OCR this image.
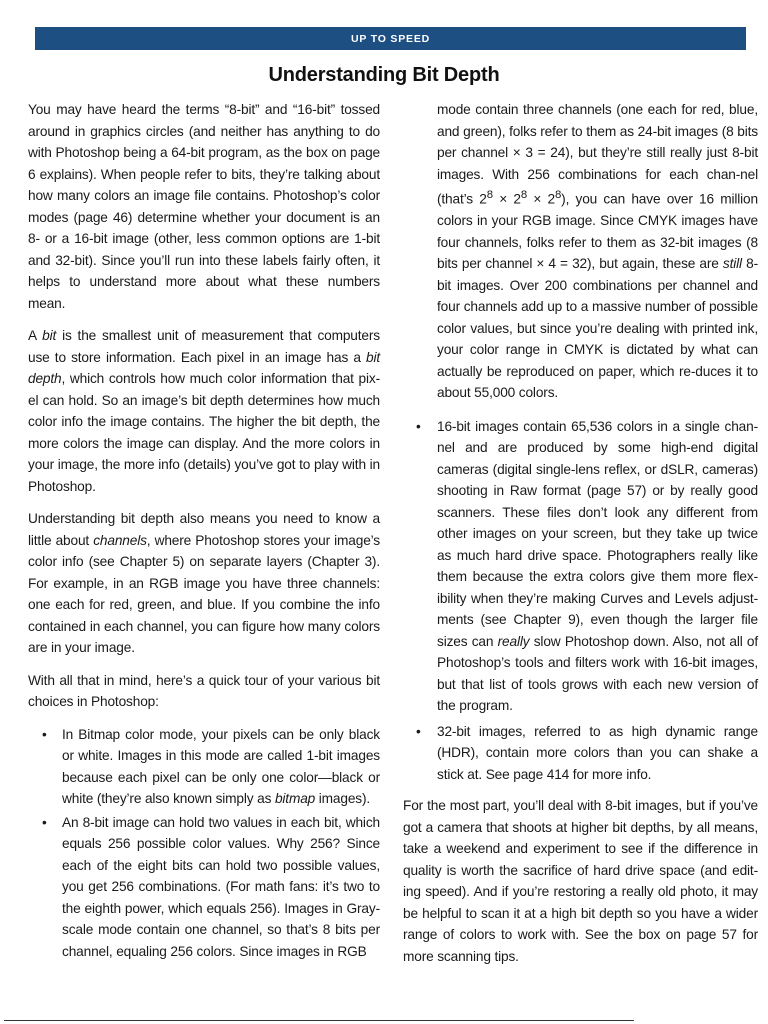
UP TO SPEED
Understanding Bit Depth

You may have heard the terms “8-bit” and “16-bit” tossed around in graphics circles (and neither has anything to do with Photoshop being a 64-bit program, as the box on page 6 explains). When people refer to bits, they’re talking about how many colors an image file contains. Photoshop’s color modes (page 46) determine whether your document is an 8- or a 16-bit image (other, less common options are 1-bit and 32-bit). Since you’ll run into these labels fairly often, it helps to understand more about what these numbers mean.

A bit is the smallest unit of measurement that computers use to store information. Each pixel in an image has a bit depth, which controls how much color information that pix-el can hold. So an image’s bit depth determines how much color info the image contains. The higher the bit depth, the more colors the image can display. And the more colors in your image, the more info (details) you’ve got to play with in Photoshop.

Understanding bit depth also means you need to know a little about channels, where Photoshop stores your image’s color info (see Chapter 5) on separate layers (Chapter 3). For example, in an RGB image you have three channels: one each for red, green, and blue. If you combine the info contained in each channel, you can figure how many colors are in your image.

With all that in mind, here’s a quick tour of your various bit choices in Photoshop:

• In Bitmap color mode, your pixels can be only black or white. Images in this mode are called 1-bit images because each pixel can be only one color—black or white (they’re also known simply as bitmap images).
• An 8-bit image can hold two values in each bit, which equals 256 possible color values. Why 256? Since each of the eight bits can hold two possible values, you get 256 combinations. (For math fans: it’s two to the eighth power, which equals 256). Images in Gray-scale mode contain one channel, so that’s 8 bits per channel, equaling 256 colors. Since images in RGB

mode contain three channels (one each for red, blue, and green), folks refer to them as 24-bit images (8 bits per channel × 3 = 24), but they’re still really just 8-bit images. With 256 combinations for each chan-nel (that’s $2^8 \times 2^8 \times 2^8$), you can have over 16 million colors in your RGB image. Since CMYK images have four channels, folks refer to them as 32-bit images (8 bits per channel × 4 = 32), but again, these are still 8-bit images. Over 200 combinations per channel and four channels add up to a massive number of possible color values, but since you’re dealing with printed ink, your color range in CMYK is dictated by what can actually be reproduced on paper, which re-duces it to about 55,000 colors.

• 16-bit images contain 65,536 colors in a single chan-nel and are produced by some high-end digital cameras (digital single-lens reflex, or dSLR, cameras) shooting in Raw format (page 57) or by really good scanners. These files don’t look any different from other images on your screen, but they take up twice as much hard drive space. Photographers really like them because the extra colors give them more flex-ibility when they’re making Curves and Levels adjust-ments (see Chapter 9), even though the larger file sizes can really slow Photoshop down. Also, not all of Photoshop’s tools and filters work with 16-bit images, but that list of tools grows with each new version of the program.
• 32-bit images, referred to as high dynamic range (HDR), contain more colors than you can shake a stick at. See page 414 for more info.

For the most part, you’ll deal with 8-bit images, but if you’ve got a camera that shoots at higher bit depths, by all means, take a weekend and experiment to see if the difference in quality is worth the sacrifice of hard drive space (and edit-ing speed). And if you’re restoring a really old photo, it may be helpful to scan it at a high bit depth so you have a wider range of colors to work with. See the box on page 57 for more scanning tips.
